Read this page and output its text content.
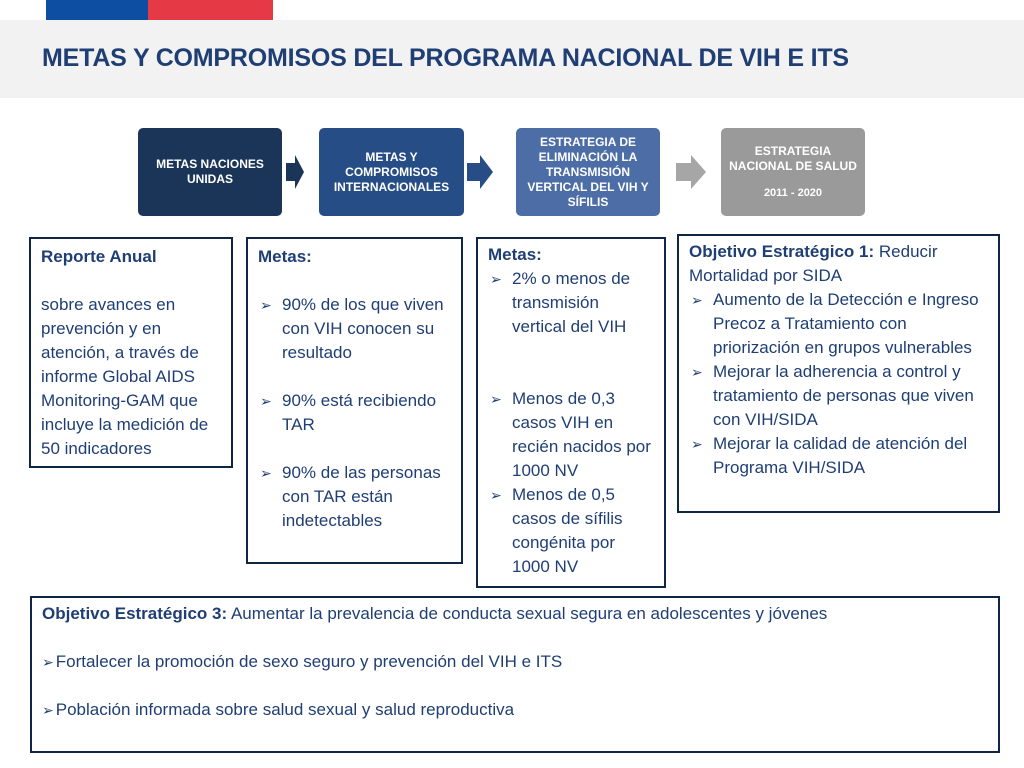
METAS Y COMPROMISOS DEL PROGRAMA NACIONAL DE VIH E ITS
METAS NACIONES UNIDAS
METAS Y COMPROMISOS INTERNACIONALES
ESTRATEGIA DE ELIMINACIÓN LA TRANSMISIÓN VERTICAL DEL VIH Y SÍFILIS
ESTRATEGIA NACIONAL DE SALUD
2011 - 2020
Reporte Anual
sobre avances en prevención y en atención, a través de informe Global AIDS Monitoring-GAM que incluye la medición de 50 indicadores
Metas:
➢ 90% de los que viven con VIH conocen su resultado
➢ 90% está recibiendo TAR
➢ 90% de las personas con TAR están indetectables
Metas:
➢ 2% o menos de transmisión vertical del VIH
➢ Menos de 0,3 casos VIH en recién nacidos por 1000 NV
➢ Menos de 0,5 casos de sífilis congénita por 1000 NV
Objetivo Estratégico 1: Reducir Mortalidad por SIDA
➢ Aumento de la Detección e Ingreso Precoz a Tratamiento con priorización en grupos vulnerables
➢ Mejorar la adherencia a control y tratamiento de personas que viven con VIH/SIDA
➢ Mejorar la calidad de atención del Programa VIH/SIDA
Objetivo Estratégico 3: Aumentar la prevalencia de conducta sexual segura en adolescentes y jóvenes
➢ Fortalecer la promoción de sexo seguro y prevención del VIH e ITS
➢ Población informada sobre salud sexual y salud reproductiva
